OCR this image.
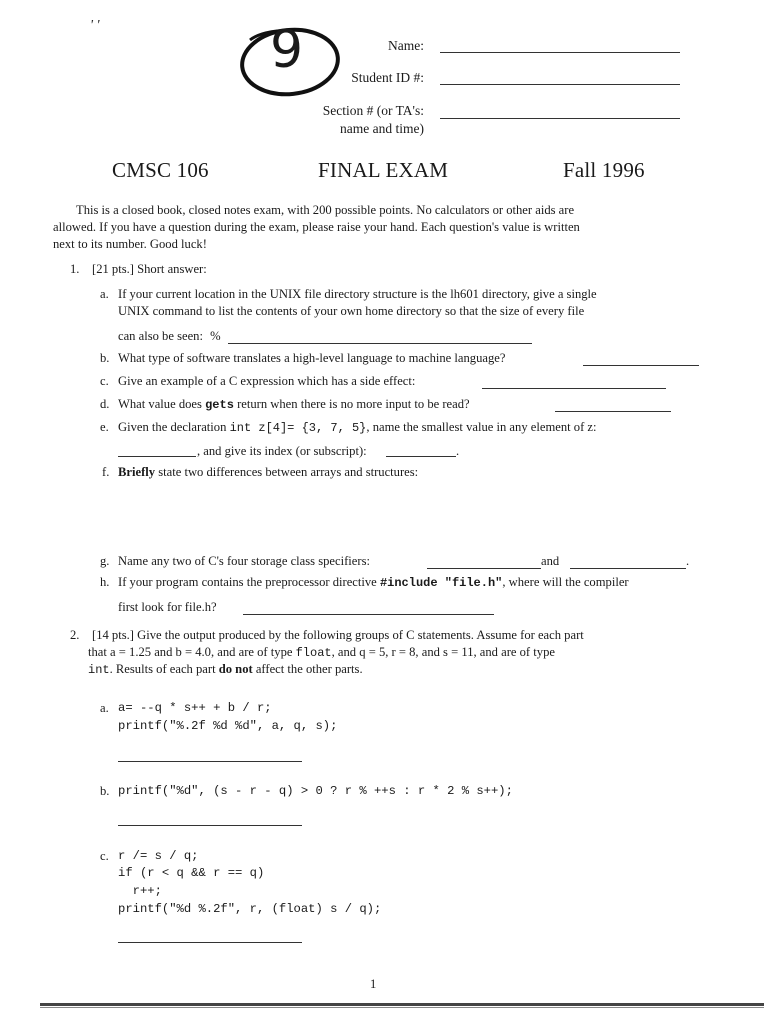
' '	9	Name:
Student ID #:
Section # (or TA's:
name and time)
CMSC 106	FINAL EXAM	Fall 1996
This is a closed book, closed notes exam, with 200 possible points. No calculators or other aids are
allowed. If you have a question during the exam, please raise your hand. Each question's value is written
next to its number. Good luck!
1. [21 pts.] Short answer:
a. If your current location in the UNIX file directory structure is the lh601 directory, give a single
UNIX command to list the contents of your own home directory so that the size of every file
can also be seen: %
b. What type of software translates a high-level language to machine language?
c. Give an example of a C expression which has a side effect:
d. What value does gets return when there is no more input to be read?
e. Given the declaration int z[4]= {3, 7, 5}, name the smallest value in any element of z:
, and give its index (or subscript):	.
f. Briefly state two differences between arrays and structures:
g. Name any two of C's four storage class specifiers:	and	.
h. If your program contains the preprocessor directive #include "file.h", where will the compiler
first look for file.h?
2. [14 pts.] Give the output produced by the following groups of C statements. Assume for each part
that a = 1.25 and b = 4.0, and are of type float, and q = 5, r = 8, and s = 11, and are of type
int. Results of each part do not affect the other parts.
a. a= --q * s++ + b / r;
printf("%.2f %d %d", a, q, s);
b. printf("%d", (s - r - q) > 0 ? r % ++s : r * 2 % s++);
c. r /= s / q;
if (r < q && r == q)
r++;
printf("%d %.2f", r, (float) s / q);
1
